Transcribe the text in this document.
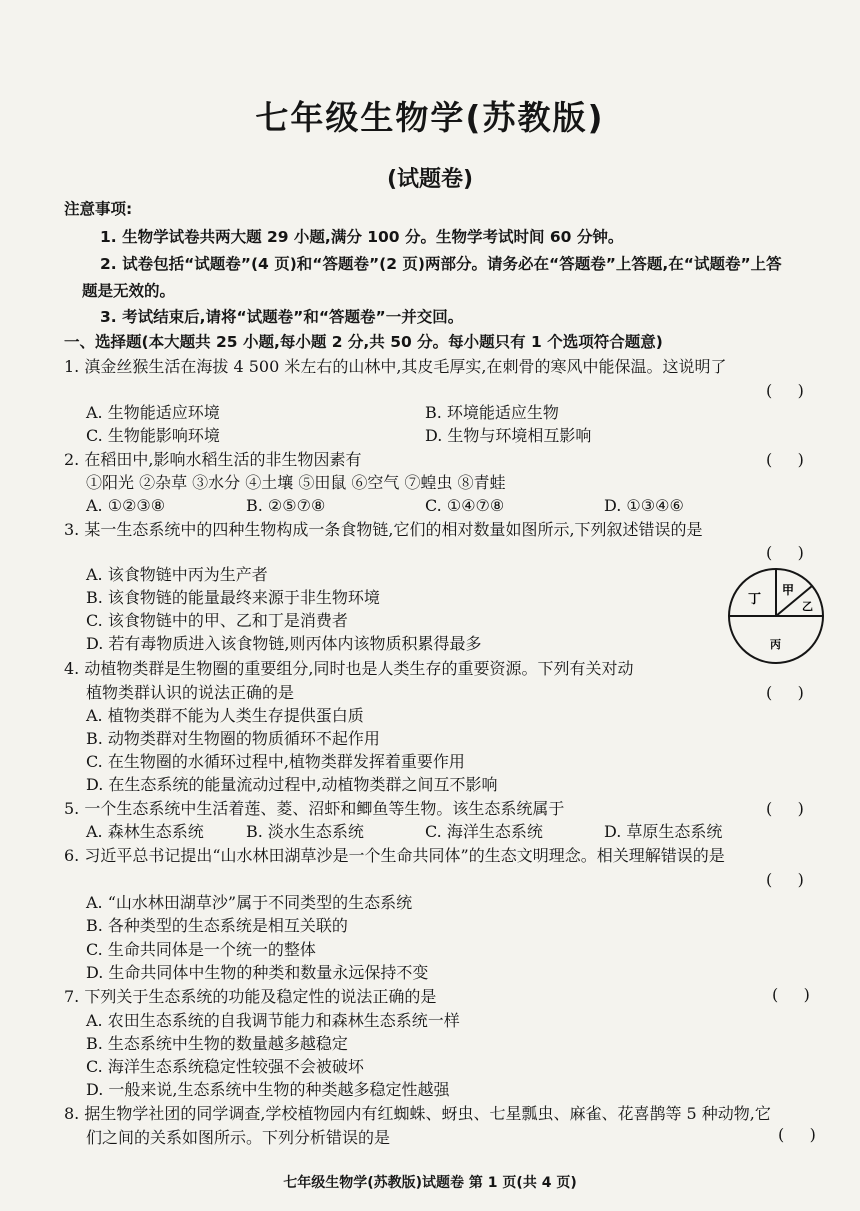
七年级生物学(苏教版)
(试题卷)
注意事项:
1. 生物学试卷共两大题 29 小题,满分 100 分。生物学考试时间 60 分钟。
2. 试卷包括“试题卷”(4 页)和“答题卷”(2 页)两部分。请务必在“答题卷”上答题,在“试题卷”上答
题是无效的。
3. 考试结束后,请将“试题卷”和“答题卷”一并交回。
一、选择题(本大题共 25 小题,每小题 2 分,共 50 分。每小题只有 1 个选项符合题意)
1. 滇金丝猴生活在海拔 4 500 米左右的山林中,其皮毛厚实,在刺骨的寒风中能保温。这说明了
(     )
A. 生物能适应环境	B. 环境能适应生物
C. 生物能影响环境	D. 生物与环境相互影响
2. 在稻田中,影响水稻生活的非生物因素有	(     )
①阳光 ②杂草 ③水分 ④土壤 ⑤田鼠 ⑥空气 ⑦蝗虫 ⑧青蛙
A. ①②③⑧	B. ②⑤⑦⑧	C. ①④⑦⑧	D. ①③④⑥
3. 某一生态系统中的四种生物构成一条食物链,它们的相对数量如图所示,下列叙述错误的是
(     )
A. 该食物链中丙为生产者
B. 该食物链的能量最终来源于非生物环境
C. 该食物链中的甲、乙和丁是消费者
D. 若有毒物质进入该食物链,则丙体内该物质积累得最多
丁
甲
乙
丙
4. 动植物类群是生物圈的重要组分,同时也是人类生存的重要资源。下列有关对动
植物类群认识的说法正确的是	(     )
A. 植物类群不能为人类生存提供蛋白质
B. 动物类群对生物圈的物质循环不起作用
C. 在生物圈的水循环过程中,植物类群发挥着重要作用
D. 在生态系统的能量流动过程中,动植物类群之间互不影响
5. 一个生态系统中生活着莲、菱、沼虾和鲫鱼等生物。该生态系统属于	(     )
A. 森林生态系统	B. 淡水生态系统	C. 海洋生态系统	D. 草原生态系统
6. 习近平总书记提出“山水林田湖草沙是一个生命共同体”的生态文明理念。相关理解错误的是
(     )
A. “山水林田湖草沙”属于不同类型的生态系统
B. 各种类型的生态系统是相互关联的
C. 生命共同体是一个统一的整体
D. 生命共同体中生物的种类和数量永远保持不变
7. 下列关于生态系统的功能及稳定性的说法正确的是	(     )
A. 农田生态系统的自我调节能力和森林生态系统一样
B. 生态系统中生物的数量越多越稳定
C. 海洋生态系统稳定性较强不会被破坏
D. 一般来说,生态系统中生物的种类越多稳定性越强
8. 据生物学社团的同学调查,学校植物园内有红蜘蛛、蚜虫、七星瓢虫、麻雀、花喜鹊等 5 种动物,它
们之间的关系如图所示。下列分析错误的是	(     )
七年级生物学(苏教版)试题卷 第 1 页(共 4 页)
